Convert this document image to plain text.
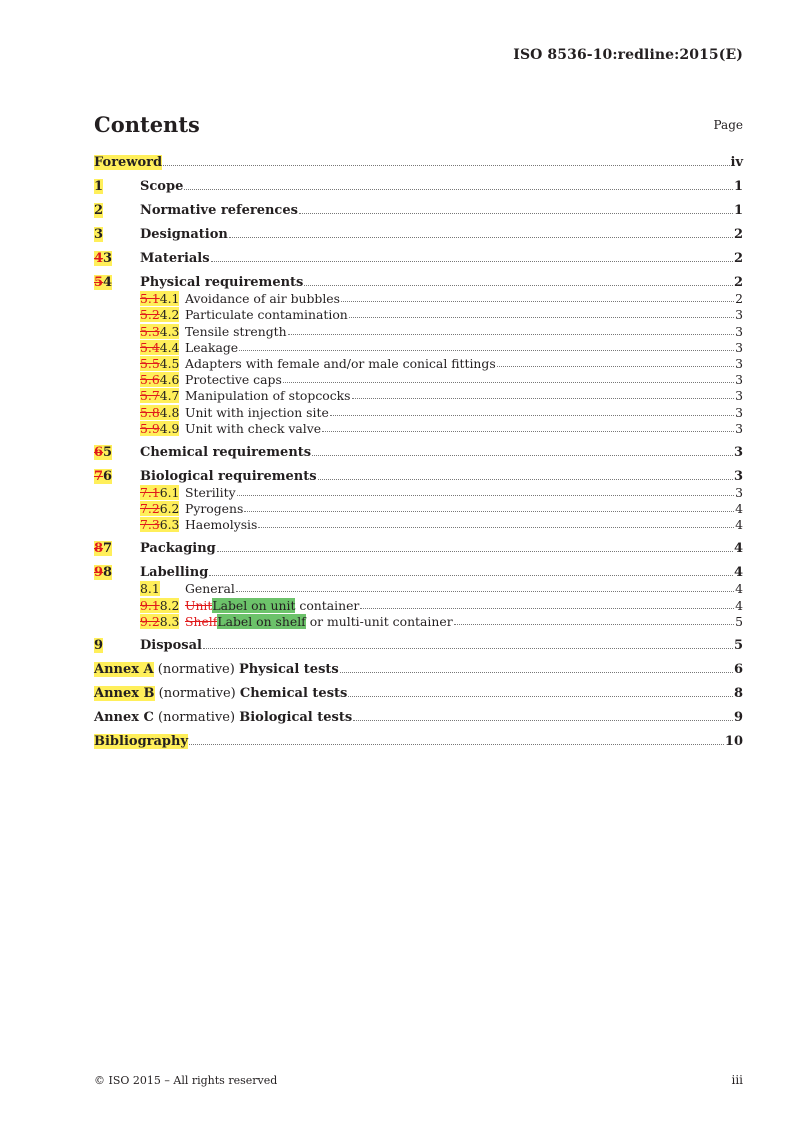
ISO 8536-10:redline:2015(E)
Contents	Page
Foreword	iv
1	Scope	1
2	Normative references	1
3	Designation	2
43	Materials	2
54	Physical requirements	2
5.14.1 Avoidance of air bubbles	2
5.24.2 Particulate contamination	3
5.34.3 Tensile strength	3
5.44.4 Leakage	3
5.54.5 Adapters with female and/or male conical fittings	3
5.64.6 Protective caps	3
5.74.7 Manipulation of stopcocks	3
5.84.8 Unit with injection site	3
5.94.9 Unit with check valve	3
65	Chemical requirements	3
76	Biological requirements	3
7.16.1 Sterility	3
7.26.2 Pyrogens	4
7.36.3 Haemolysis	4
87	Packaging	4
98	Labelling	4
8.1	General	4
9.18.2 Unit Label on unit container	4
9.28.3 Shelf Label on shelf or multi-unit container	5
9	Disposal	5
Annex A (normative) Physical tests	6
Annex B (normative) Chemical tests	8
Annex C (normative) Biological tests	9
Bibliography	10
© ISO 2015 – All rights reserved	iii
